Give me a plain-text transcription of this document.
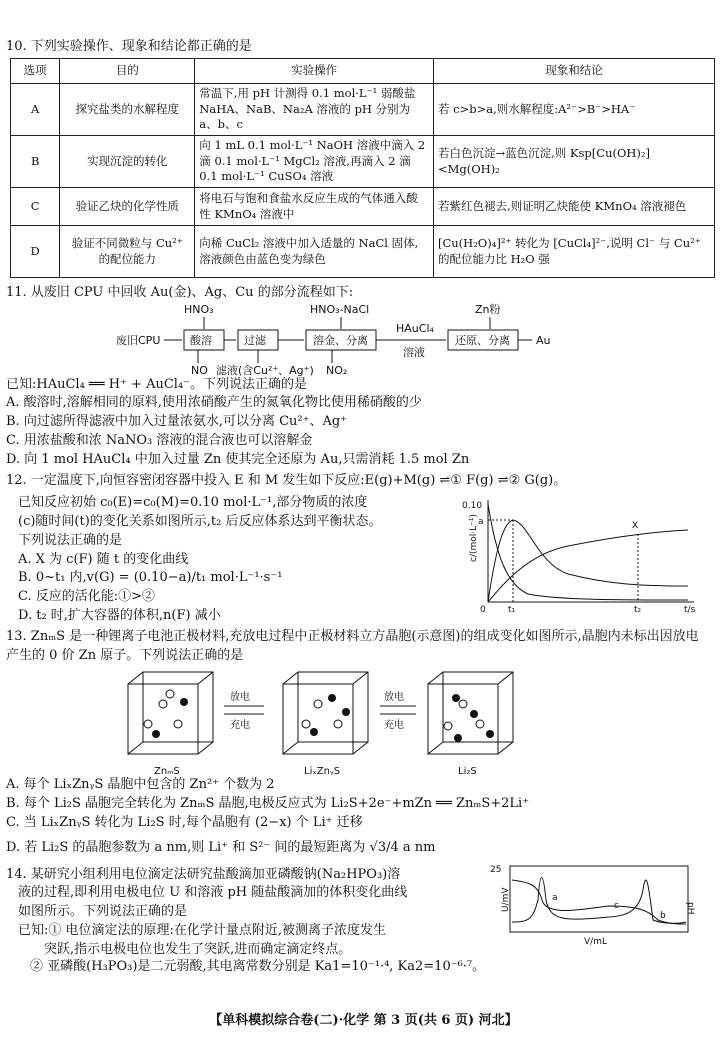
10. 下列实验操作、现象和结论都正确的是
选项	目的	实验操作	现象和结论
A	探究盐类的水解程度	常温下,用 pH 计测得 0.1 mol·L⁻¹ 弱酸盐 NaHA、NaB、Na₂A 溶液的 pH 分别为 a、b、c	若 c>b>a,则水解程度:A²⁻>B⁻>HA⁻
B	实现沉淀的转化	向 1 mL 0.1 mol·L⁻¹ NaOH 溶液中滴入 2 滴 0.1 mol·L⁻¹ MgCl₂ 溶液,再滴入 2 滴 0.1 mol·L⁻¹ CuSO₄ 溶液	若白色沉淀→蓝色沉淀,则 Ksp[Cu(OH)₂]<Mg(OH)₂
C	验证乙炔的化学性质	将电石与饱和食盐水反应生成的气体通入酸性 KMnO₄ 溶液中	若紫红色褪去,则证明乙炔能使 KMnO₄ 溶液褪色
D	验证不同微粒与 Cu²⁺ 的配位能力	向稀 CuCl₂ 溶液中加入适量的 NaCl 固体,溶液颜色由蓝色变为绿色	[Cu(H₂O)₄]²⁺ 转化为 [CuCl₄]²⁻,说明 Cl⁻ 与 Cu²⁺ 的配位能力比 H₂O 强
11. 从废旧 CPU 中回收 Au(金)、Ag、Cu 的部分流程如下:
废旧CPU
HNO₃
酸溶	过滤
HNO₃-NaCl
溶金、分离
HAuCl₄
溶液
Zn粉
还原、分离 Au
NO 滤液(含Cu²⁺、Ag⁺) NO₂
已知:HAuCl₄ ══ H⁺ + AuCl₄⁻。下列说法正确的是

A. 酸溶时,溶解相同的原料,使用浓硝酸产生的氮氧化物比使用稀硝酸的少

B. 向过滤所得滤液中加入过量浓氨水,可以分离 Cu²⁺、Ag⁺

C. 用浓盐酸和浓 NaNO₃ 溶液的混合液也可以溶解金

D. 向 1 mol HAuCl₄ 中加入过量 Zn 使其完全还原为 Au,只需消耗 1.5 mol Zn

12. 一定温度下,向恒容密闭容器中投入 E 和 M 发生如下反应:E(g)+M(g) ⇌① F(g) ⇌② G(g)。

已知反应初始 c₀(E)=c₀(M)=0.10 mol·L⁻¹,部分物质的浓度

(c)随时间(t)的变化关系如图所示,t₂ 后反应体系达到平衡状态。

下列说法正确的是

A. X 为 c(F) 随 t 的变化曲线

B. 0~t₁ 内,v(G) = (0.10−a)/t₁ mol·L⁻¹·s⁻¹

C. 反应的活化能:①>②

D. t₂ 时,扩大容器的体积,n(F) 减小

c/(mol·L⁻¹)
0.10
a
0 t₁	t₂	t/s
X
13. ZnₘS 是一种锂离子电池正极材料,充放电过程中正极材料立方晶胞(示意图)的组成变化如图所示,晶胞内未标出因放电产生的 0 价 Zn 原子。下列说法正确的是
放电
充电
放电
充电
ZnₘS	LiₓZnᵧS	Li₂S

A. 每个 LiₓZnᵧS 晶胞中包含的 Zn²⁺ 个数为 2

B. 每个 Li₂S 晶胞完全转化为 ZnₘS 晶胞,电极反应式为 Li₂S+2e⁻+mZn ══ ZnₘS+2Li⁺

C. 当 LiₓZnᵧS 转化为 Li₂S 时,每个晶胞有 (2−x) 个 Li⁺ 迁移

D. 若 Li₂S 的晶胞参数为 a nm,则 Li⁺ 和 S²⁻ 间的最短距离为 √3/4 a nm

14. 某研究小组利用电位滴定法研究盐酸滴加亚磷酸钠(Na₂HPO₃)溶

液的过程,即利用电极电位 U 和溶液 pH 随盐酸滴加的体积变化曲线

如图所示。下列说法正确的是

已知:① 电位滴定法的原理:在化学计量点附近,被测离子浓度发生

突跃,指示电极电位也发生了突跃,进而确定滴定终点。

② 亚磷酸(H₃PO₃)是二元弱酸,其电离常数分别是 Ka1=10⁻¹·⁴, Ka2=10⁻⁶·⁷。

U/mV
25
V/mL
pH
a
b
c
【单科模拟综合卷(二)·化学 第 3 页(共 6 页) 河北】
